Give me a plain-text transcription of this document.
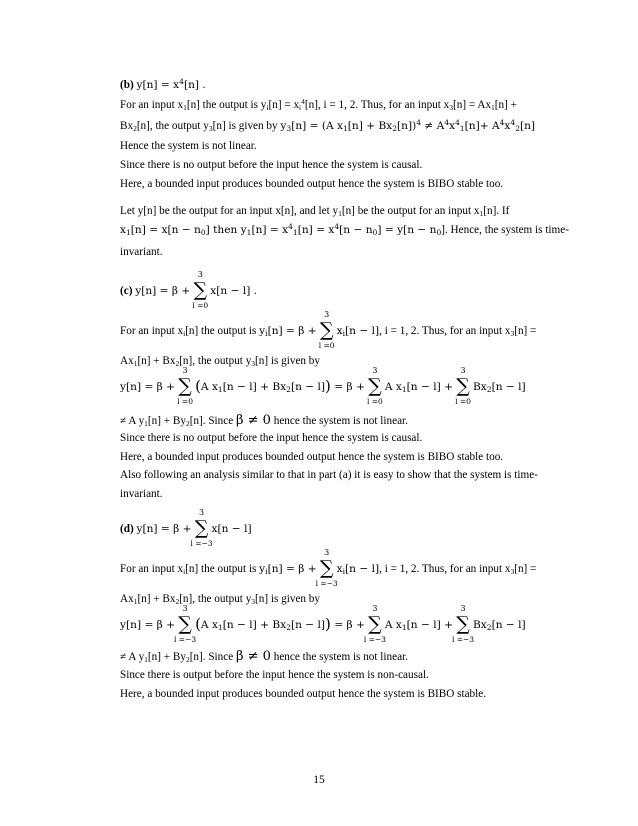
(b) $y[n] = x^4[n]$ .
For an input $x_1[n]$ the output is $y_i[n] = x_i^4[n]$, i = 1, 2. Thus, for an input $x_3[n] = Ax_1[n]$ +
$Bx_2[n]$, the output $y_3[n]$ is given by $y_3[n] = (A$ $x_1[n] + Bx_2[n])^4 \ne A^4x^4_1[n]+ A^4x^4_2[n]$
Hence the system is not linear.
Since there is no output before the input hence the system is causal.
Here, a bounded input produces bounded output hence the system is BIBO stable too.
Let y[n] be the output for an input x[n], and let $y_1[n]$ be the output for an input $x_1[n]$. If
$x_1[n] = x[n - n_0]$ then $y_1[n] = x^4_1[n] = x^4[n - n_0] = y[n - n_0]$. Hence, the system is time-
invariant.
(c) y[n] = β +
3
∑
l =0
x[n − l] .
For an input $x_i[n]$ the output is $y_i[n] = \beta$ +
3
∑
l =0
$x_i[n - l]$, i = 1, 2. Thus, for an input $x_3[n]$ =
$Ax_1[n] + Bx_2[n]$, the output $y_3[n]$ is given by
y[n] = β +
3
∑
l =0
(A $x_1[n - l] + Bx_2[n - l]) = \beta$ +
3
∑
l =0
A $x_1[n - l]$ +
3
∑
l =0
$Bx_2[n - l]$
≠ A $y_1[n] + By_2[n]$. Since β ≠ 0 hence the system is not linear.
Since there is no output before the input hence the system is causal.
Here, a bounded input produces bounded output hence the system is BIBO stable too.
Also following an analysis similar to that in part (a) it is easy to show that the system is time-
invariant.
(d) y[n] = β +
3
∑
l =−3
x[n − l]
For an input $x_i[n]$ the output is $y_i[n] = \beta$ +
3
∑
l =−3
$x_i[n - l]$, i = 1, 2. Thus, for an input $x_3[n]$ =
$Ax_1[n] + Bx_2[n]$, the output $y_3[n]$ is given by
y[n] = β +
3
∑
l =−3
(A $x_1[n - l] + Bx_2[n - l]) = \beta$ +
3
∑
l =−3
A $x_1[n - l]$ +
3
∑
l =−3
$Bx_2[n - l]$
≠ A $y_1[n] + By_2[n]$. Since β ≠ 0 hence the system is not linear.
Since there is output before the input hence the system is non-causal.
Here, a bounded input produces bounded output hence the system is BIBO stable.
15
